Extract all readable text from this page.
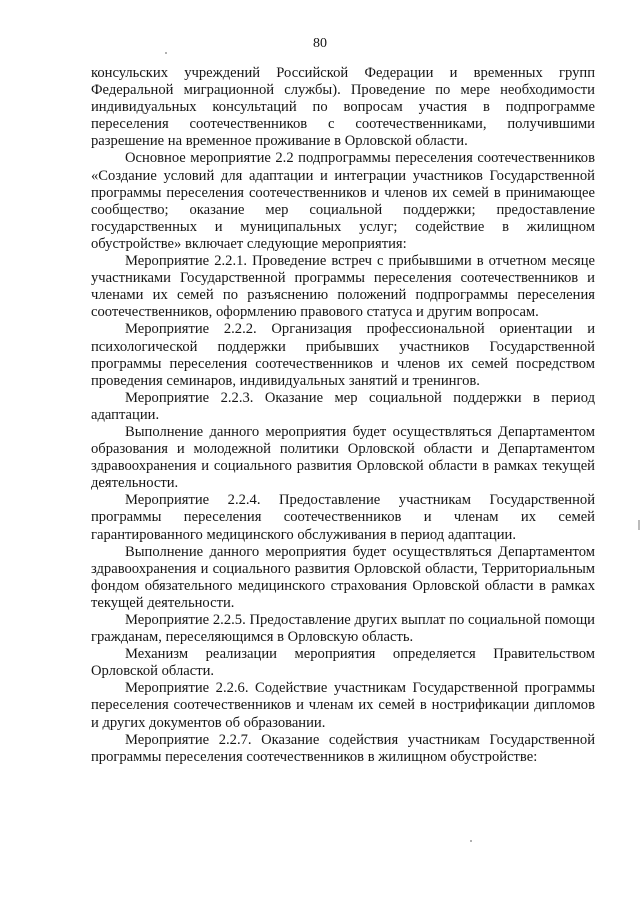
80

консульских учреждений Российской Федерации и временных групп Федеральной миграционной службы). Проведение по мере необходимости индивидуальных консультаций по вопросам участия в подпрограмме переселения соотечественников с соотечественниками, получившими разрешение на временное проживание в Орловской области.

Основное мероприятие 2.2 подпрограммы переселения соотечественников «Создание условий для адаптации и интеграции участников Государственной программы переселения соотечественников и членов их семей в принимающее сообщество; оказание мер социальной поддержки; предоставление государственных и муниципальных услуг; содействие в жилищном обустройстве» включает следующие мероприятия:

Мероприятие 2.2.1. Проведение встреч с прибывшими в отчетном месяце участниками Государственной программы переселения соотечественников и членами их семей по разъяснению положений подпрограммы переселения соотечественников, оформлению правового статуса и другим вопросам.

Мероприятие 2.2.2. Организация профессиональной ориентации и психологической поддержки прибывших участников Государственной программы переселения соотечественников и членов их семей посредством проведения семинаров, индивидуальных занятий и тренингов.

Мероприятие 2.2.3. Оказание мер социальной поддержки в период адаптации.

Выполнение данного мероприятия будет осуществляться Департаментом образования и молодежной политики Орловской области и Департаментом здравоохранения и социального развития Орловской области в рамках текущей деятельности.

Мероприятие 2.2.4. Предоставление участникам Государственной программы переселения соотечественников и членам их семей гарантированного медицинского обслуживания в период адаптации.

Выполнение данного мероприятия будет осуществляться Департаментом здравоохранения и социального развития Орловской области, Территориальным фондом обязательного медицинского страхования Орловской области в рамках текущей деятельности.

Мероприятие 2.2.5. Предоставление других выплат по социальной помощи гражданам, переселяющимся в Орловскую область.

Механизм реализации мероприятия определяется Правительством Орловской области.

Мероприятие 2.2.6. Содействие участникам Государственной программы переселения соотечественников и членам их семей в нострификации дипломов и других документов об образовании.

Мероприятие 2.2.7. Оказание содействия участникам Государственной программы переселения соотечественников в жилищном обустройстве:
